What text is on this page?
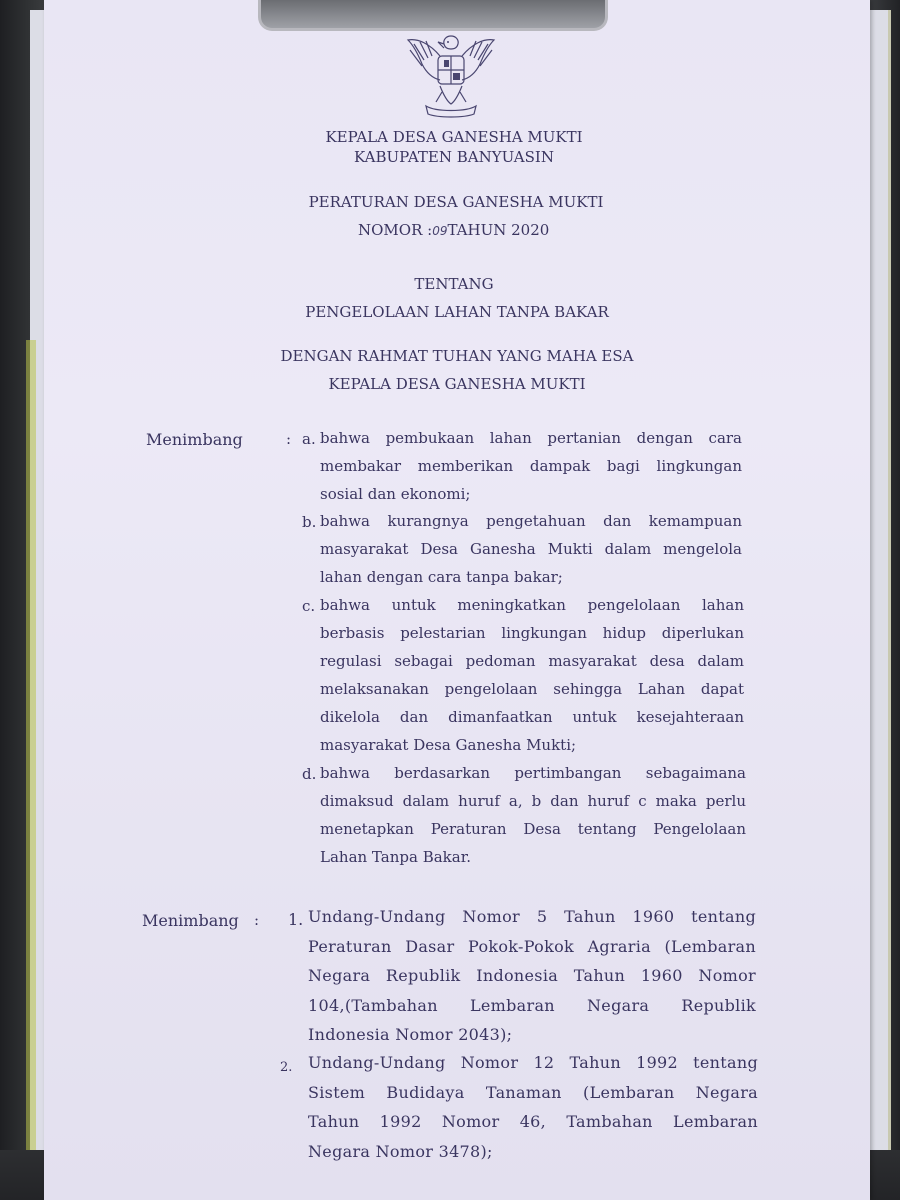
KEPALA DESA GANESHA MUKTI
KABUPATEN BANYUASIN
PERATURAN DESA GANESHA MUKTI
NOMOR :09TAHUN 2020
TENTANG
PENGELOLAAN LAHAN TANPA BAKAR
DENGAN RAHMAT TUHAN YANG MAHA ESA
KEPALA DESA GANESHA MUKTI
Menimbang	: a. bahwa pembukaan lahan pertanian dengan cara
membakar memberikan dampak bagi lingkungan
sosial dan ekonomi;
b. bahwa kurangnya pengetahuan dan kemampuan
masyarakat Desa Ganesha Mukti dalam mengelola
lahan dengan cara tanpa bakar;
c. bahwa untuk meningkatkan pengelolaan lahan
berbasis pelestarian lingkungan hidup diperlukan
regulasi sebagai pedoman masyarakat desa dalam
melaksanakan pengelolaan sehingga Lahan dapat
dikelola dan dimanfaatkan untuk kesejahteraan
masyarakat Desa Ganesha Mukti;
d. bahwa berdasarkan pertimbangan sebagaimana
dimaksud dalam huruf a, b dan huruf c maka perlu
menetapkan Peraturan Desa tentang Pengelolaan
Lahan Tanpa Bakar.
Menimbang : 1. Undang-Undang Nomor 5 Tahun 1960 tentang
Peraturan Dasar Pokok-Pokok Agraria (Lembaran
Negara Republik Indonesia Tahun 1960 Nomor
104,(Tambahan Lembaran Negara Republik
Indonesia Nomor 2043);
2. Undang-Undang Nomor 12 Tahun 1992 tentang
Sistem Budidaya Tanaman (Lembaran Negara
Tahun 1992 Nomor 46, Tambahan Lembaran
Negara Nomor 3478);
